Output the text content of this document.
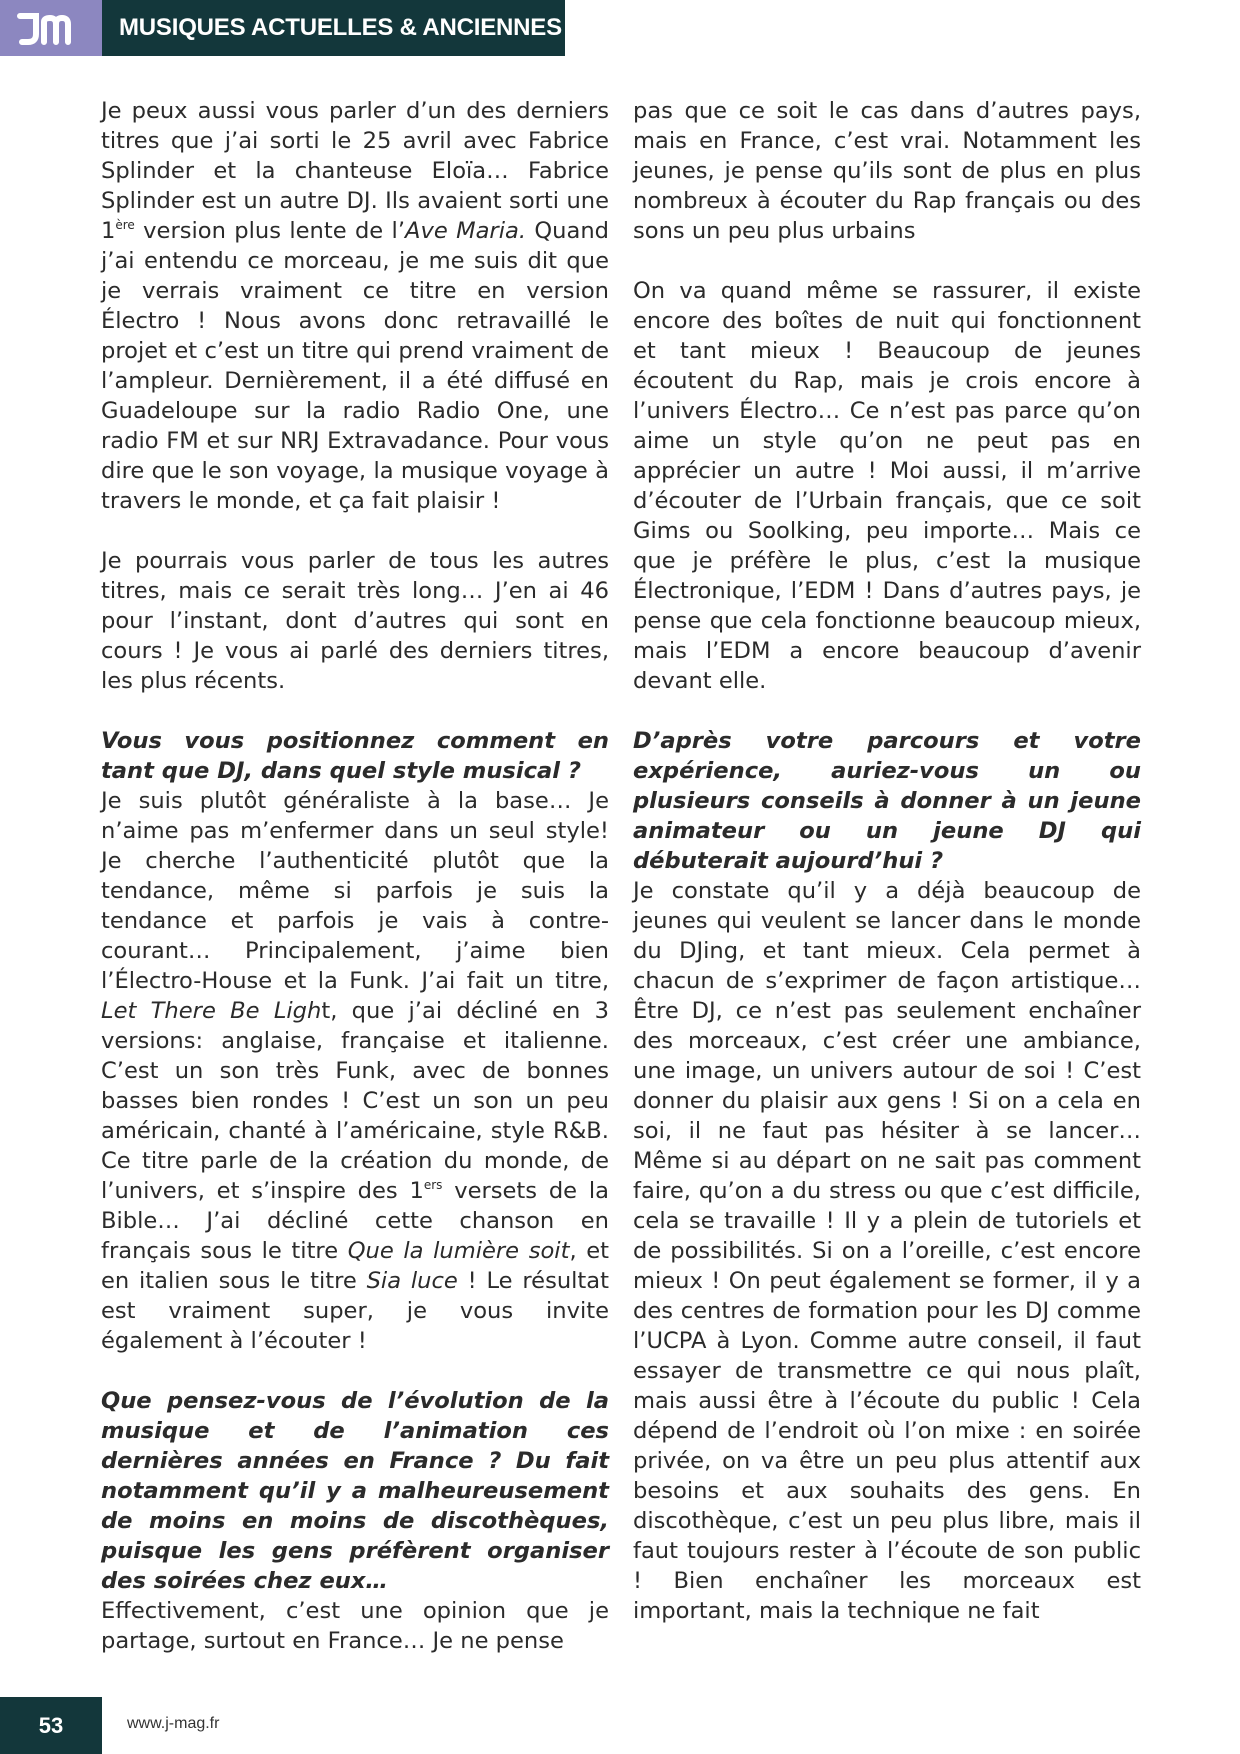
MUSIQUES ACTUELLES & ANCIENNES

Je peux aussi vous parler d’un des derniers titres que j’ai sorti le 25 avril avec Fabrice Splinder et la chanteuse Eloïa… Fabrice Splinder est un autre DJ. Ils avaient sorti une 1ère version plus lente de l’Ave Maria. Quand j’ai entendu ce morceau, je me suis dit que je verrais vraiment ce titre en version Électro ! Nous avons donc retravaillé le projet et c’est un titre qui prend vraiment de l’ampleur. Dernièrement, il a été diffusé en Guadeloupe sur la radio Radio One, une radio FM et sur NRJ Extravadance. Pour vous dire que le son voyage, la musique voyage à travers le monde, et ça fait plaisir !

Je pourrais vous parler de tous les autres titres, mais ce serait très long… J’en ai 46 pour l’instant, dont d’autres qui sont en cours ! Je vous ai parlé des derniers titres, les plus récents.

Vous vous positionnez comment en tant que DJ, dans quel style musical ?

Je suis plutôt généraliste à la base… Je n’aime pas m’enfermer dans un seul style! Je cherche l’authenticité plutôt que la tendance, même si parfois je suis la tendance et parfois je vais à contre-courant… Principalement, j’aime bien l’Électro-House et la Funk. J’ai fait un titre, Let There Be Light, que j’ai décliné en 3 versions: anglaise, française et italienne. C’est un son très Funk, avec de bonnes basses bien rondes ! C’est un son un peu américain, chanté à l’américaine, style R&B. Ce titre parle de la création du monde, de l’univers, et s’inspire des 1ers versets de la Bible… J’ai décliné cette chanson en français sous le titre Que la lumière soit, et en italien sous le titre Sia luce ! Le résultat est vraiment super, je vous invite également à l’écouter !

Que pensez-vous de l’évolution de la musique et de l’animation ces dernières années en France ? Du fait notamment qu’il y a malheureusement de moins en moins de discothèques, puisque les gens préfèrent organiser des soirées chez eux…

Effectivement, c’est une opinion que je partage, surtout en France… Je ne pense

pas que ce soit le cas dans d’autres pays, mais en France, c’est vrai. Notamment les jeunes, je pense qu’ils sont de plus en plus nombreux à écouter du Rap français ou des sons un peu plus urbains

On va quand même se rassurer, il existe encore des boîtes de nuit qui fonctionnent et tant mieux ! Beaucoup de jeunes écoutent du Rap, mais je crois encore à l’univers Électro… Ce n’est pas parce qu’on aime un style qu’on ne peut pas en apprécier un autre ! Moi aussi, il m’arrive d’écouter de l’Urbain français, que ce soit Gims ou Soolking, peu importe… Mais ce que je préfère le plus, c’est la musique Électronique, l’EDM ! Dans d’autres pays, je pense que cela fonctionne beaucoup mieux, mais l’EDM a encore beaucoup d’avenir devant elle.

D’après votre parcours et votre expérience, auriez-vous un ou plusieurs conseils à donner à un jeune animateur ou un jeune DJ qui débuterait aujourd’hui ?

Je constate qu’il y a déjà beaucoup de jeunes qui veulent se lancer dans le monde du DJing, et tant mieux. Cela permet à chacun de s’exprimer de façon artistique… Être DJ, ce n’est pas seulement enchaîner des morceaux, c’est créer une ambiance, une image, un univers autour de soi ! C’est donner du plaisir aux gens ! Si on a cela en soi, il ne faut pas hésiter à se lancer… Même si au départ on ne sait pas comment faire, qu’on a du stress ou que c’est difficile, cela se travaille ! Il y a plein de tutoriels et de possibilités. Si on a l’oreille, c’est encore mieux ! On peut également se former, il y a des centres de formation pour les DJ comme l’UCPA à Lyon. Comme autre conseil, il faut essayer de transmettre ce qui nous plaît, mais aussi être à l’écoute du public ! Cela dépend de l’endroit où l’on mixe : en soirée privée, on va être un peu plus attentif aux besoins et aux souhaits des gens. En discothèque, c’est un peu plus libre, mais il faut toujours rester à l’écoute de son public ! Bien enchaîner les morceaux est important, mais la technique ne fait

53	www.j-mag.fr
